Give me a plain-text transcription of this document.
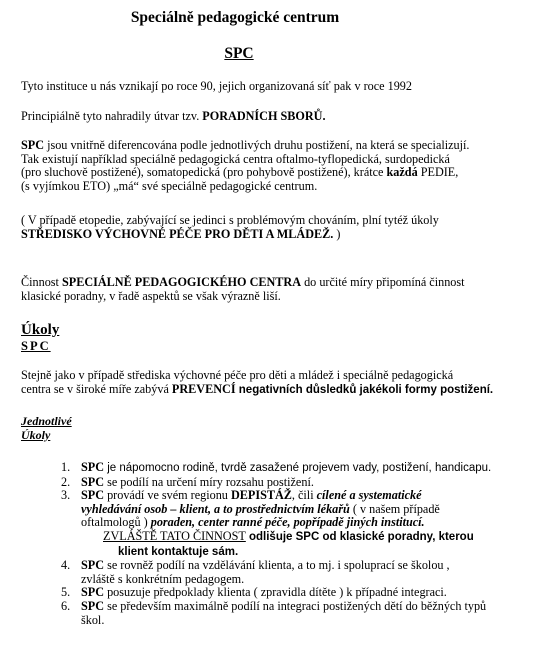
Speciálně pedagogické centrum
SPC

Tyto instituce u nás vznikají po roce 90, jejich organizovaná síť pak v roce 1992

Principiálně tyto nahradily útvar tzv. PORADNÍCH SBORŮ.

SPC jsou vnitřně diferencována podle jednotlivých druhu postižení, na která se specializují.
Tak existují například speciálně pedagogická centra oftalmo-tyflopedická, surdopedická
(pro sluchově postižené), somatopedická (pro pohybově postižené), krátce každá PEDIE,
(s vyjímkou ETO) „má“ své speciálně pedagogické centrum.
( V případě etopedie, zabývající se jedinci s problémovým chováním, plní tytéž úkoly
STŘEDISKO VÝCHOVNÉ PÉČE PRO DĚTI A MLÁDEŽ. )
Činnost SPECIÁLNĚ PEDAGOGICKÉHO CENTRA do určité míry připomíná činnost
klasické poradny, v řadě aspektů se však výrazně liší.
Úkoly
SPC
Stejně jako v případě střediska výchovné péče pro děti a mládež i speciálně pedagogická
centra se v široké míře zabývá PREVENCÍ negativních důsledků jakékoli formy postižení.
Jednotlivé
Úkoly
1. SPC je nápomocno rodině, tvrdě zasažené projevem vady, postižení, handicapu.
2. SPC se podílí na určení míry rozsahu postižení.
3. SPC provádí ve svém regionu DEPISTÁŽ, čili cílené a systematické
vyhledávání osob – klient, a to prostřednictvím lékařů ( v našem případě
oftalmologů ) poraden, center ranné péče, popřípadě jiných institucí.
ZVLÁŠTĚ TATO ČINNOST odlišuje SPC od klasické poradny, kterou
klient kontaktuje sám.
4. SPC se rovněž podílí na vzdělávání klienta, a to mj. i spoluprací se školou ,
zvláště s konkrétním pedagogem.
5. SPC posuzuje předpoklady klienta ( zpravidla dítěte ) k případné integraci.
6. SPC se především maximálně podílí na integraci postižených dětí do běžných typů
škol.
